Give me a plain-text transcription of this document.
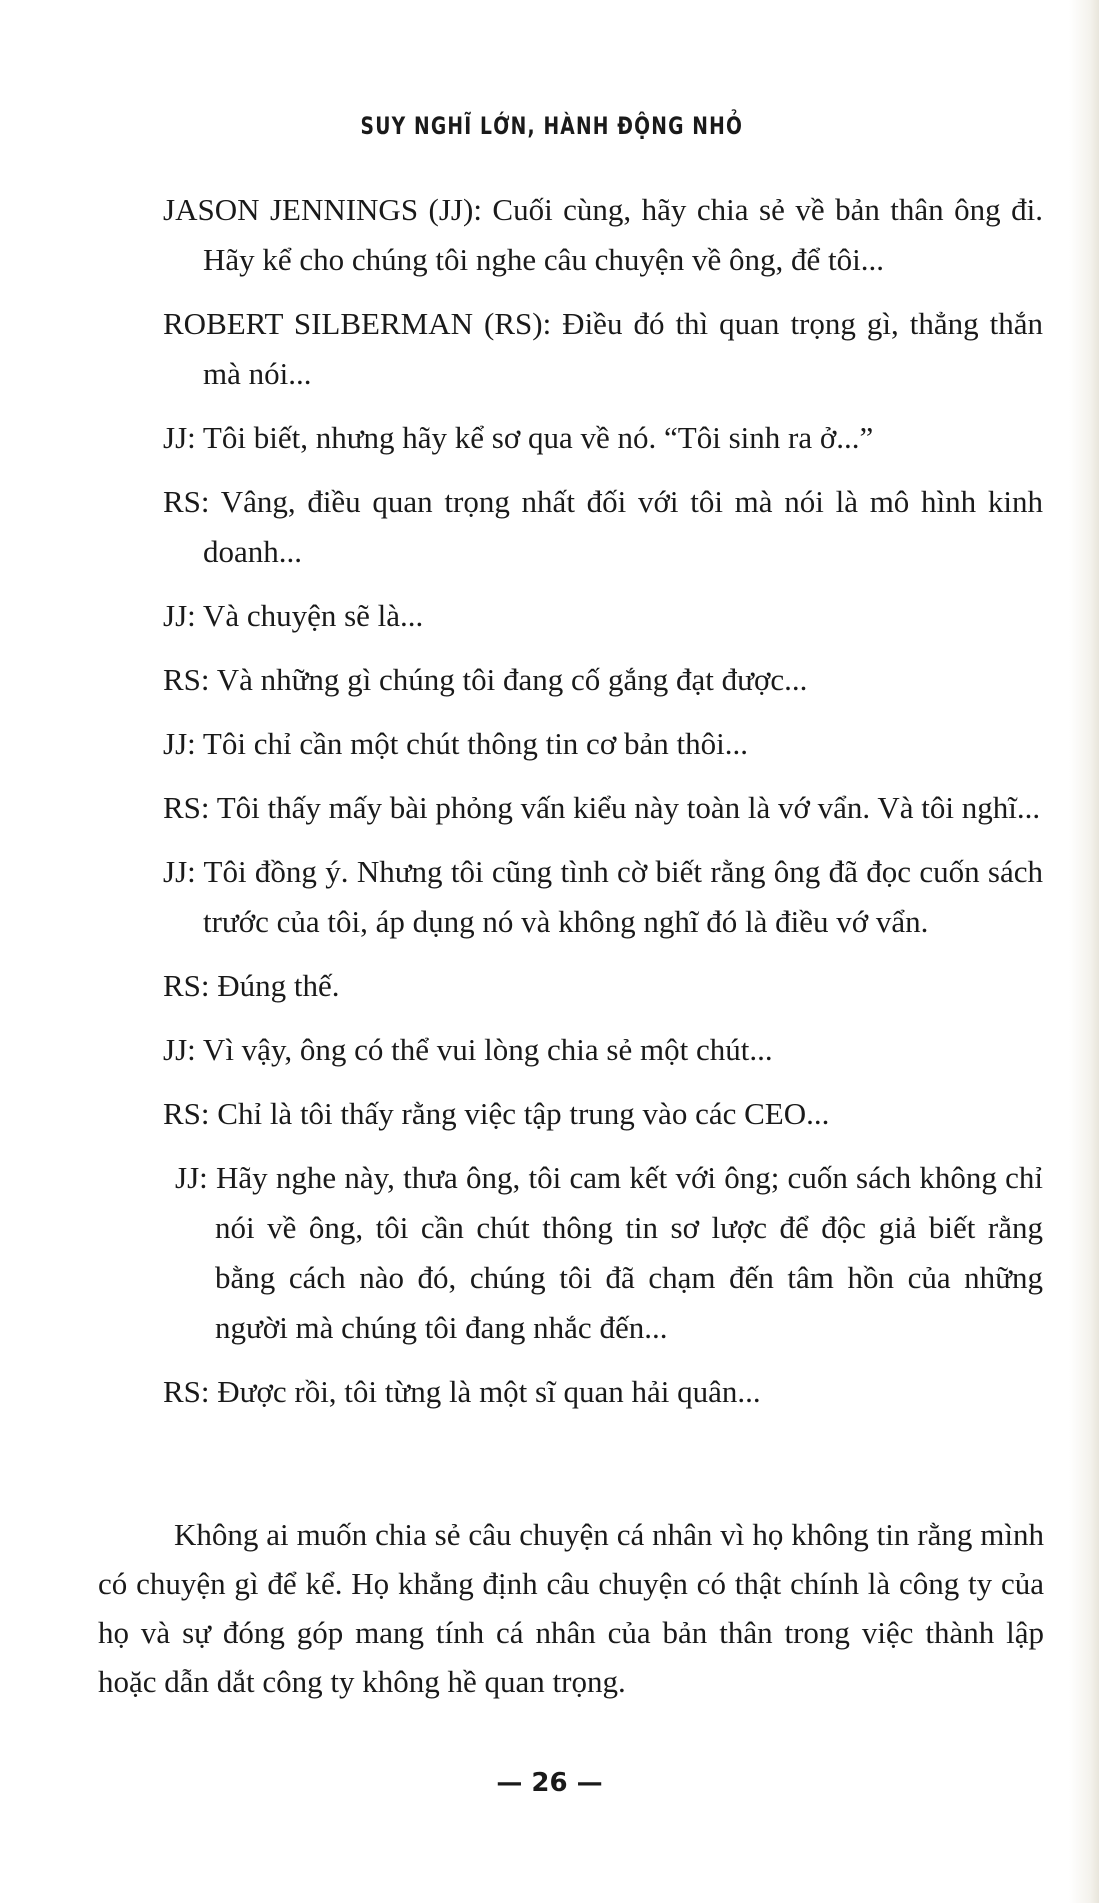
SUY NGHĨ LỚN, HÀNH ĐỘNG NHỎ

JASON JENNINGS (JJ): Cuối cùng, hãy chia sẻ về bản thân ông đi. Hãy kể cho chúng tôi nghe câu chuyện về ông, để tôi...

ROBERT SILBERMAN (RS): Điều đó thì quan trọng gì, thẳng thắn mà nói...

JJ: Tôi biết, nhưng hãy kể sơ qua về nó. “Tôi sinh ra ở...”

RS: Vâng, điều quan trọng nhất đối với tôi mà nói là mô hình kinh doanh...

JJ: Và chuyện sẽ là...

RS: Và những gì chúng tôi đang cố gắng đạt được...

JJ: Tôi chỉ cần một chút thông tin cơ bản thôi...

RS: Tôi thấy mấy bài phỏng vấn kiểu này toàn là vớ vẩn. Và tôi nghĩ...

JJ: Tôi đồng ý. Nhưng tôi cũng tình cờ biết rằng ông đã đọc cuốn sách trước của tôi, áp dụng nó và không nghĩ đó là điều vớ vẩn.

RS: Đúng thế.

JJ: Vì vậy, ông có thể vui lòng chia sẻ một chút...

RS: Chỉ là tôi thấy rằng việc tập trung vào các CEO...

JJ: Hãy nghe này, thưa ông, tôi cam kết với ông; cuốn sách không chỉ nói về ông, tôi cần chút thông tin sơ lược để độc giả biết rằng bằng cách nào đó, chúng tôi đã chạm đến tâm hồn của những người mà chúng tôi đang nhắc đến...

RS: Được rồi, tôi từng là một sĩ quan hải quân...

Không ai muốn chia sẻ câu chuyện cá nhân vì họ không tin rằng mình có chuyện gì để kể. Họ khẳng định câu chuyện có thật chính là công ty của họ và sự đóng góp mang tính cá nhân của bản thân trong việc thành lập hoặc dẫn dắt công ty không hề quan trọng.

— 26 —
